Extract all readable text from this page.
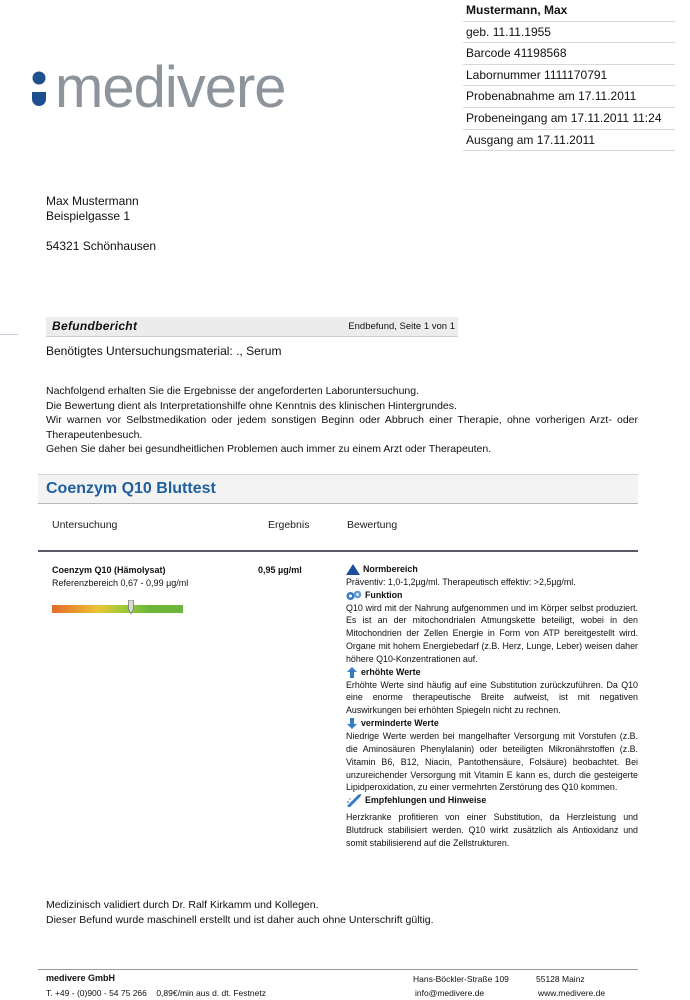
medivere
Mustermann, Max
geb. 11.11.1955
Barcode 41198568
Labornummer 1111170791
Probenabnahme am 17.11.2011
Probeneingang am 17.11.2011 11:24
Ausgang am 17.11.2011
Max Mustermann
Beispielgasse 1
54321 Schönhausen
Befundbericht	Endbefund, Seite 1 von 1
Benötigtes Untersuchungsmaterial: ., Serum

Nachfolgend erhalten Sie die Ergebnisse der angeforderten Laboruntersuchung.

Die Bewertung dient als Interpretationshilfe ohne Kenntnis des klinischen Hintergrundes.

Wir warnen vor Selbstmedikation oder jedem sonstigen Beginn oder Abbruch einer Therapie, ohne vorherigen Arzt- oder Therapeutenbesuch.

Gehen Sie daher bei gesundheitlichen Problemen auch immer zu einem Arzt oder Therapeuten.

Coenzym Q10 Bluttest
Untersuchung	Ergebnis	Bewertung
Coenzym Q10 (Hämolysat)
Referenzbereich 0,67 - 0,99 µg/ml
0,95 µg/ml	Normbereich
Präventiv: 1,0-1,2µg/ml. Therapeutisch effektiv: >2,5µg/ml.
Funktion
Q10 wird mit der Nahrung aufgenommen und im Körper selbst produziert. Es ist an der mitochondrialen Atmungskette beteiligt, wobei in den Mitochondrien der Zellen Energie in Form von ATP bereitgestellt wird. Organe mit hohem Energiebedarf (z.B. Herz, Lunge, Leber) weisen daher höhere Q10-Konzentrationen auf.
erhöhte Werte
Erhöhte Werte sind häufig auf eine Substitution zurückzuführen. Da Q10 eine enorme therapeutische Breite aufweist, ist mit negativen Auswirkungen bei erhöhten Spiegeln nicht zu rechnen.
verminderte Werte
Niedrige Werte werden bei mangelhafter Versorgung mit Vorstufen (z.B. die Aminosäuren Phenylalanin) oder beteiligten Mikronährstoffen (z.B. Vitamin B6, B12, Niacin, Pantothensäure, Folsäure) beobachtet. Bei unzureichender Versorgung mit Vitamin E kann es, durch die gesteigerte Lipidperoxidation, zu einer vermehrten Zerstörung des Q10 kommen.
Empfehlungen und Hinweise
Herzkranke profitieren von einer Substitution, da Herzleistung und Blutdruck stabilisiert werden. Q10 wirkt zusätzlich als Antioxidanz und somit stabilisierend auf die Zellstrukturen.
Medizinisch validiert durch Dr. Ralf Kirkamm und Kollegen.
Dieser Befund wurde maschinell erstellt und ist daher auch ohne Unterschrift gültig.
medivere GmbH	Hans-Böckler-Straße 109	55128 Mainz
T. +49 - (0)900 - 54 75 266    0,89€/min aus d. dt. Festnetz	info@medivere.de	www.medivere.de
